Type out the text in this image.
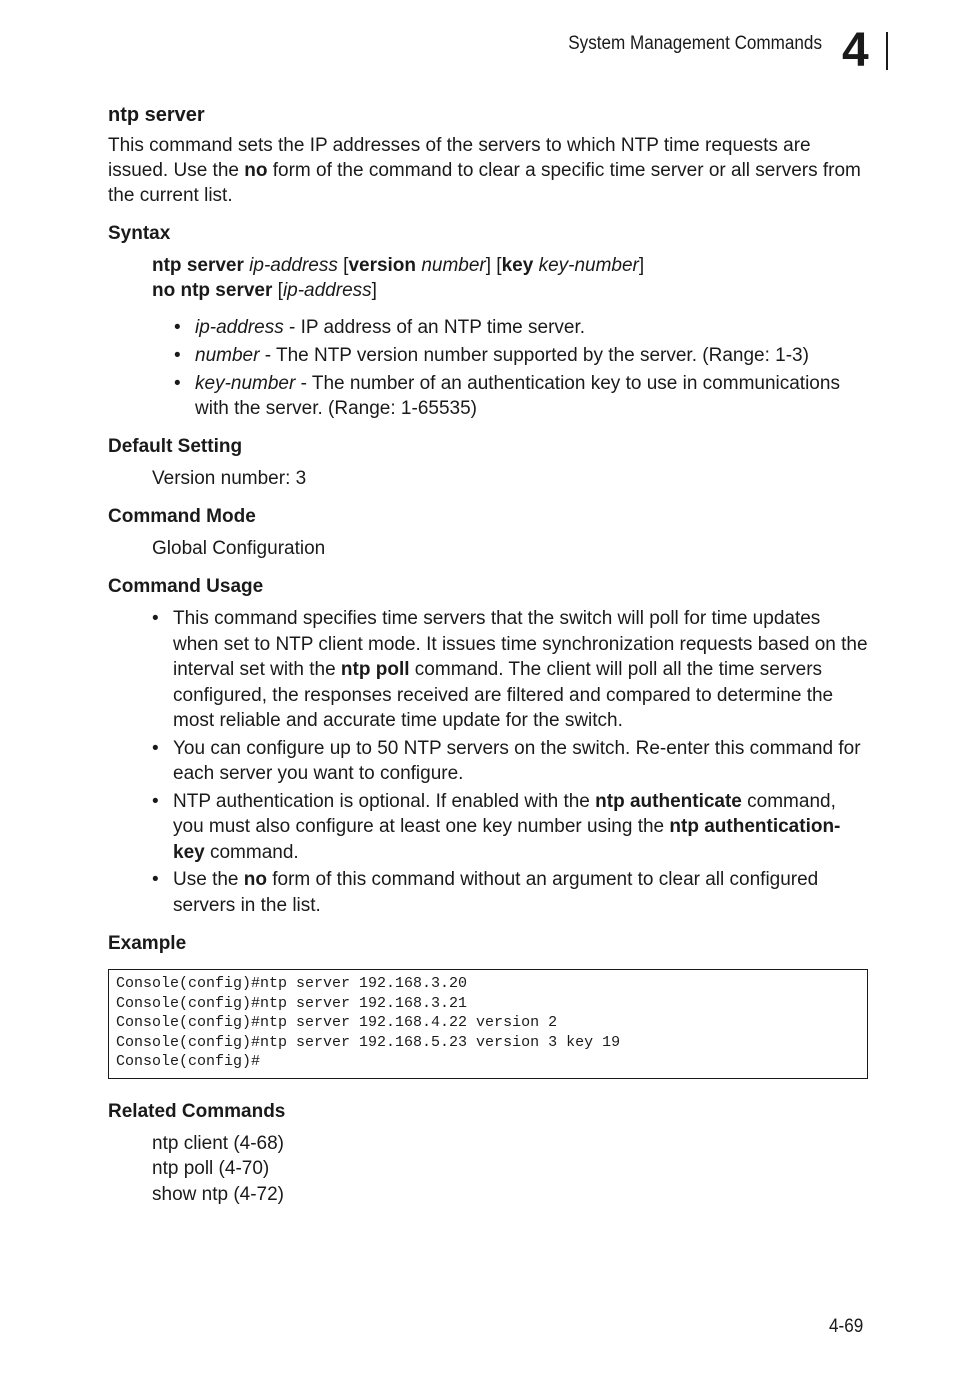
System Management Commands 4
ntp server

This command sets the IP addresses of the servers to which NTP time requests are issued. Use the no form of the command to clear a specific time server or all servers from the current list.

Syntax
ntp server ip-address [version number] [key key-number]
no ntp server [ip-address]
• ip-address - IP address of an NTP time server.
• number - The NTP version number supported by the server. (Range: 1-3)
• key-number - The number of an authentication key to use in communications with the server. (Range: 1-65535)
Default Setting

Version number: 3

Command Mode

Global Configuration

Command Usage
• This command specifies time servers that the switch will poll for time updates when set to NTP client mode. It issues time synchronization requests based on the interval set with the ntp poll command. The client will poll all the time servers configured, the responses received are filtered and compared to determine the most reliable and accurate time update for the switch.
• You can configure up to 50 NTP servers on the switch. Re-enter this command for each server you want to configure.
• NTP authentication is optional. If enabled with the ntp authenticate command, you must also configure at least one key number using the ntp authentication-key command.
• Use the no form of this command without an argument to clear all configured servers in the list.
Example
Console(config)#ntp server 192.168.3.20
Console(config)#ntp server 192.168.3.21
Console(config)#ntp server 192.168.4.22 version 2
Console(config)#ntp server 192.168.5.23 version 3 key 19
Console(config)#
Related Commands
ntp client (4-68)
ntp poll (4-70)
show ntp (4-72)
4-69
